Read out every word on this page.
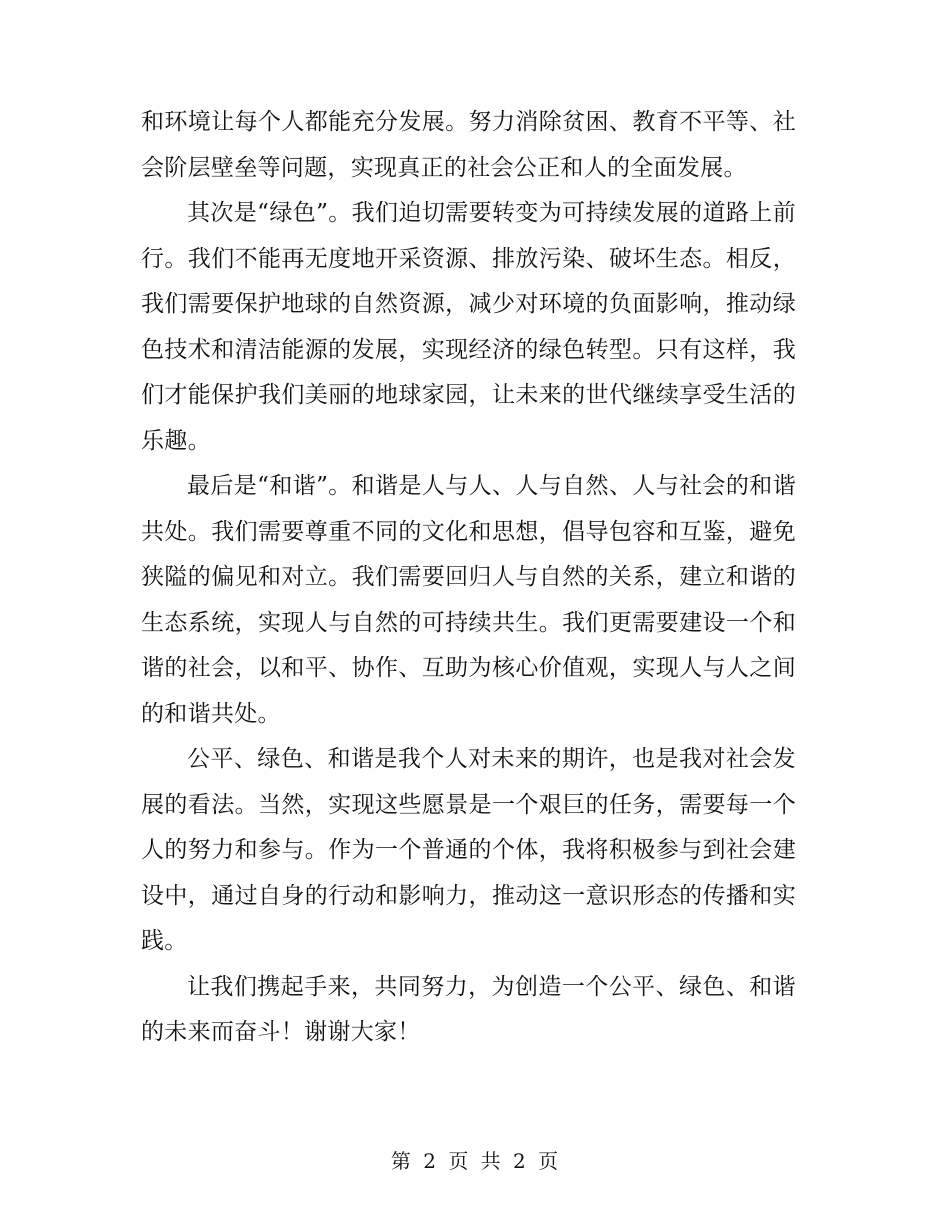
和环境让每个人都能充分发展。努力消除贫困、教育不平等、社会阶层壁垒等问题，实现真正的社会公正和人的全面发展。

其次是“绿色”。我们迫切需要转变为可持续发展的道路上前行。我们不能再无度地开采资源、排放污染、破坏生态。相反，我们需要保护地球的自然资源，减少对环境的负面影响，推动绿色技术和清洁能源的发展，实现经济的绿色转型。只有这样，我们才能保护我们美丽的地球家园，让未来的世代继续享受生活的乐趣。

最后是“和谐”。和谐是人与人、人与自然、人与社会的和谐共处。我们需要尊重不同的文化和思想，倡导包容和互鉴，避免狭隘的偏见和对立。我们需要回归人与自然的关系，建立和谐的生态系统，实现人与自然的可持续共生。我们更需要建设一个和谐的社会，以和平、协作、互助为核心价值观，实现人与人之间的和谐共处。

公平、绿色、和谐是我个人对未来的期许，也是我对社会发展的看法。当然，实现这些愿景是一个艰巨的任务，需要每一个人的努力和参与。作为一个普通的个体，我将积极参与到社会建设中，通过自身的行动和影响力，推动这一意识形态的传播和实践。

让我们携起手来，共同努力，为创造一个公平、绿色、和谐的未来而奋斗！谢谢大家！

第 2 页 共 2 页
